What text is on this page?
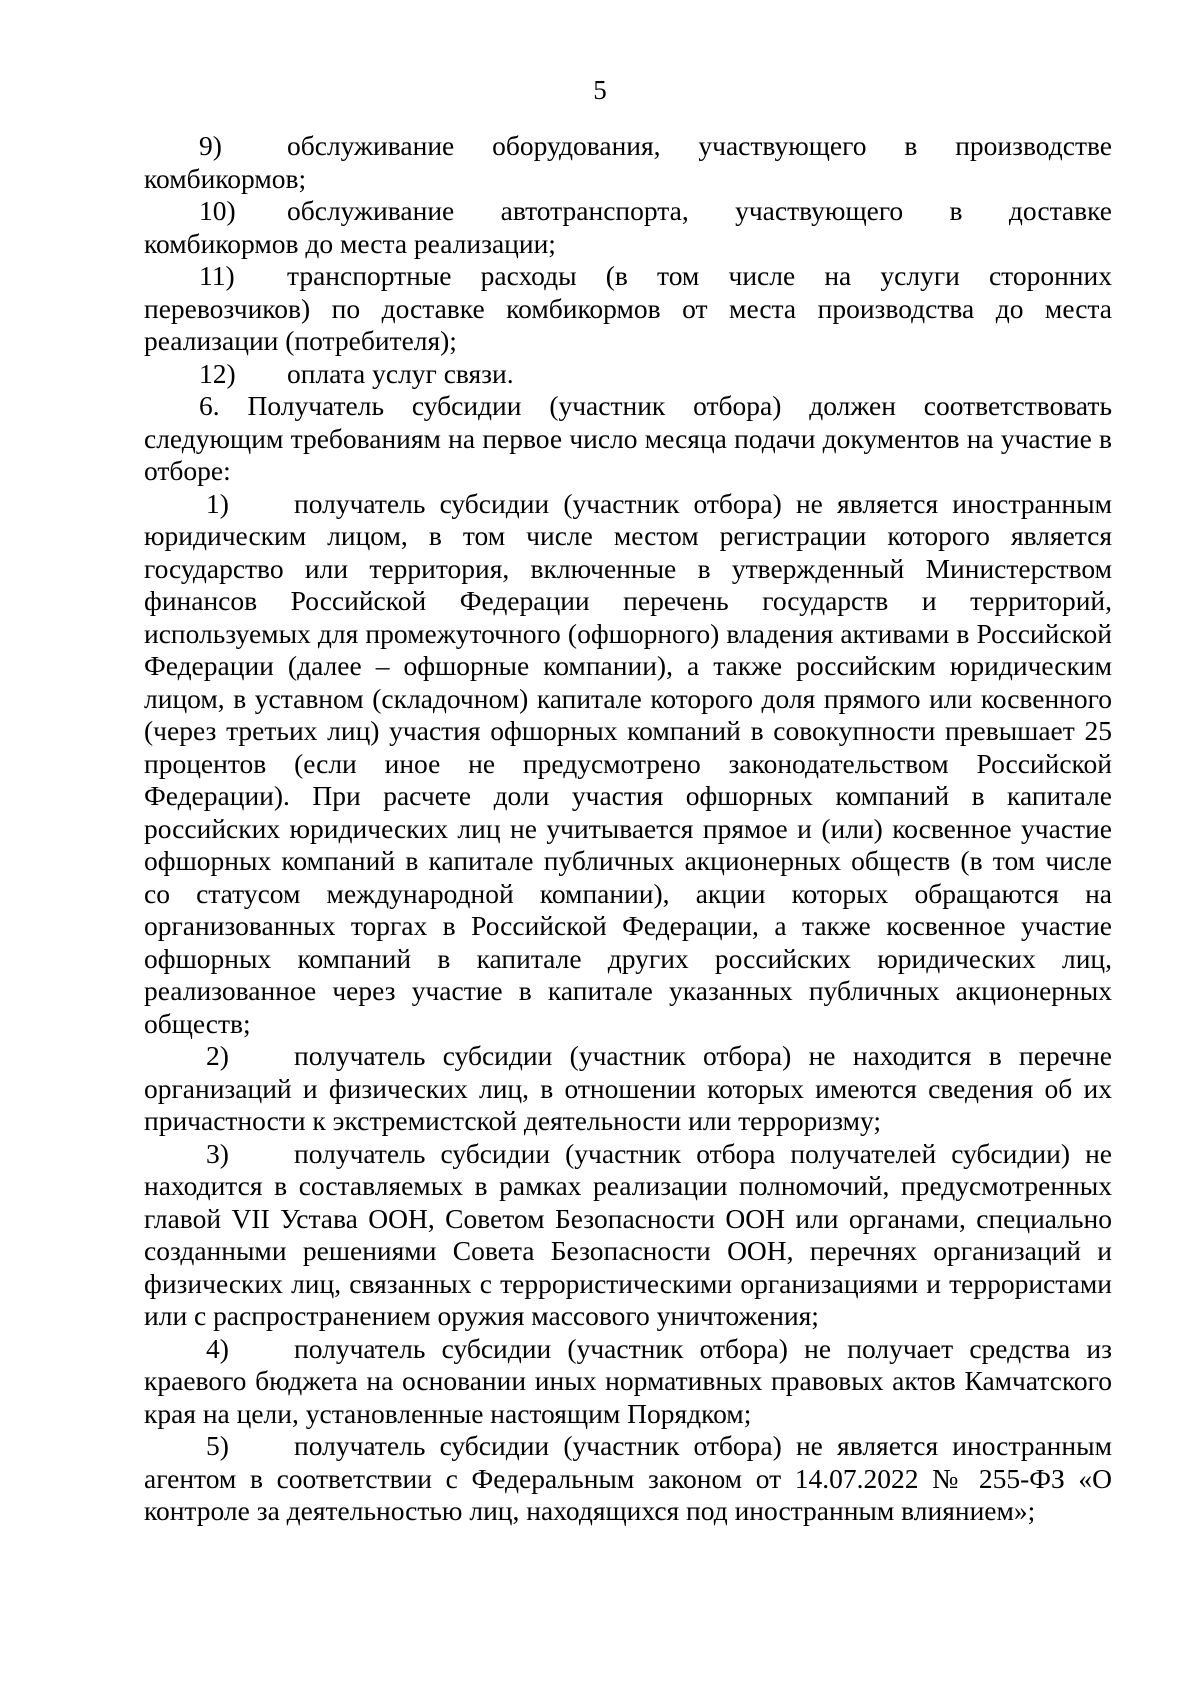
5

9) обслуживание оборудования, участвующего в производстве комбикормов;

10) обслуживание автотранспорта, участвующего в доставке комбикормов до места реализации;

11) транспортные расходы (в том числе на услуги сторонних перевозчиков) по доставке комбикормов от места производства до места реализации (потребителя);

12) оплата услуг связи.

6. Получатель субсидии (участник отбора) должен соответствовать следующим требованиям на первое число месяца подачи документов на участие в отборе:

1) получатель субсидии (участник отбора) не является иностранным юридическим лицом, в том числе местом регистрации которого является государство или территория, включенные в утвержденный Министерством финансов Российской Федерации перечень государств и территорий, используемых для промежуточного (офшорного) владения активами в Российской Федерации (далее – офшорные компании), а также российским юридическим лицом, в уставном (складочном) капитале которого доля прямого или косвенного (через третьих лиц) участия офшорных компаний в совокупности превышает 25 процентов (если иное не предусмотрено законодательством Российской Федерации). При расчете доли участия офшорных компаний в капитале российских юридических лиц не учитывается прямое и (или) косвенное участие офшорных компаний в капитале публичных акционерных обществ (в том числе со статусом международной компании), акции которых обращаются на организованных торгах в Российской Федерации, а также косвенное участие офшорных компаний в капитале других российских юридических лиц, реализованное через участие в капитале указанных публичных акционерных обществ;

2) получатель субсидии (участник отбора) не находится в перечне организаций и физических лиц, в отношении которых имеются сведения об их причастности к экстремистской деятельности или терроризму;

3) получатель субсидии (участник отбора получателей субсидии) не находится в составляемых в рамках реализации полномочий, предусмотренных главой VII Устава ООН, Советом Безопасности ООН или органами, специально созданными решениями Совета Безопасности ООН, перечнях организаций и физических лиц, связанных с террористическими организациями и террористами или с распространением оружия массового уничтожения;

4) получатель субсидии (участник отбора) не получает средства из краевого бюджета на основании иных нормативных правовых актов Камчатского края на цели, установленные настоящим Порядком;

5) получатель субсидии (участник отбора) не является иностранным агентом в соответствии с Федеральным законом от 14.07.2022 № 255-ФЗ «О контроле за деятельностью лиц, находящихся под иностранным влиянием»;
